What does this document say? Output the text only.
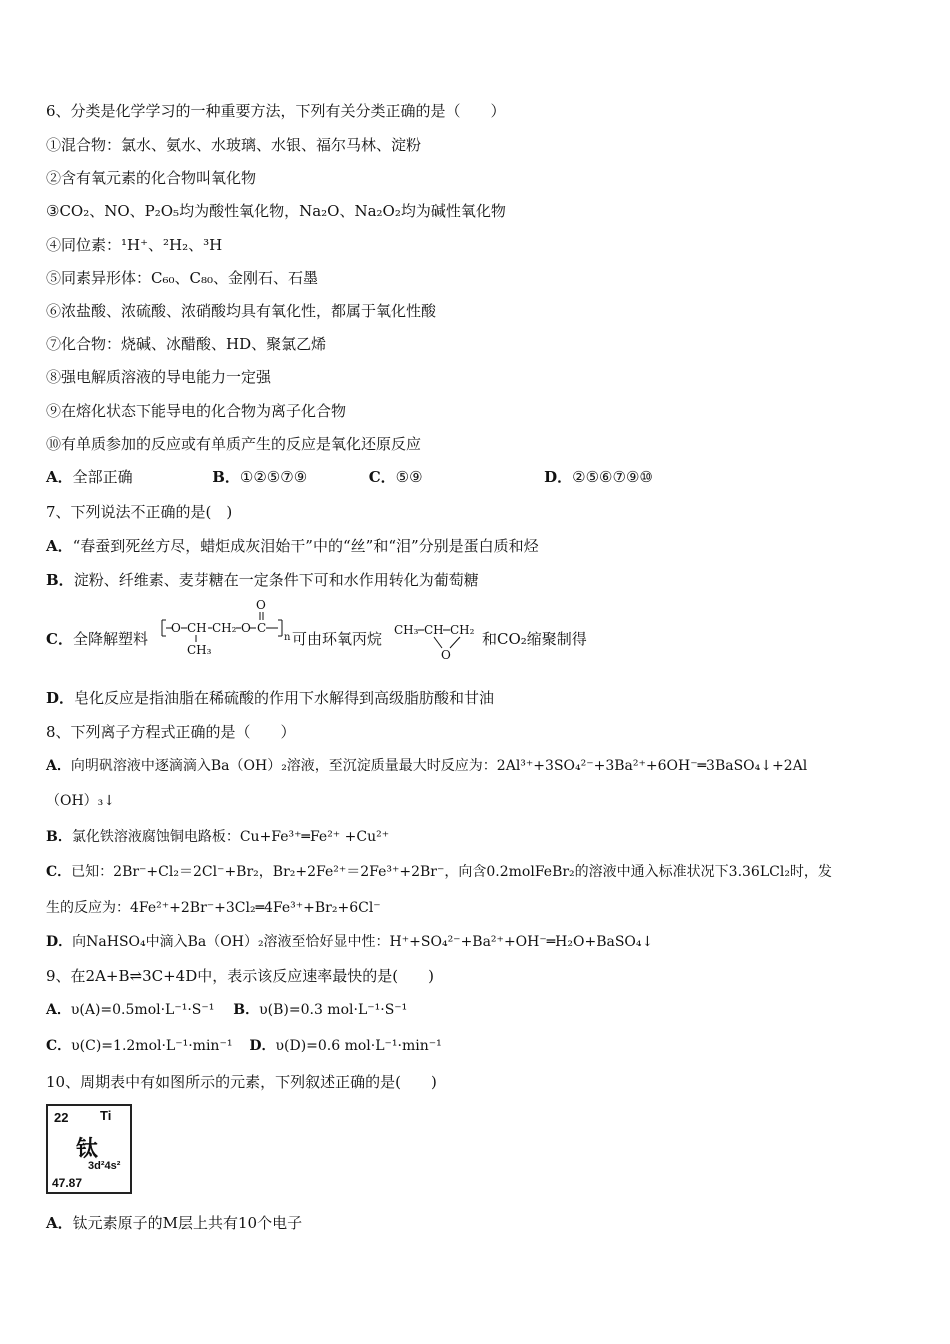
6、分类是化学学习的一种重要方法，下列有关分类正确的是（　　）
①混合物：氯水、氨水、水玻璃、水银、福尔马林、淀粉
②含有氧元素的化合物叫氧化物
③CO₂、NO、P₂O₅均为酸性氧化物，Na₂O、Na₂O₂均为碱性氧化物
④同位素：¹H⁺、²H₂、³H
⑤同素异形体：C₆₀、C₈₀、金刚石、石墨
⑥浓盐酸、浓硫酸、浓硝酸均具有氧化性，都属于氧化性酸
⑦化合物：烧碱、冰醋酸、HD、聚氯乙烯
⑧强电解质溶液的导电能力一定强
⑨在熔化状态下能导电的化合物为离子化合物
⑩有单质参加的反应或有单质产生的反应是氧化还原反应
A．全部正确	B．①②⑤⑦⑨	C．⑤⑨	D．②⑤⑥⑦⑨⑩
7、下列说法不正确的是(　)
A．“春蚕到死丝方尽，蜡炬成灰泪始干”中的“丝”和“泪”分别是蛋白质和烃
B．淀粉、纤维素、麦芽糖在一定条件下可和水作用转化为葡萄糖
C．全降解塑料
O CH
CH₃
CH₂ O C
O
n 可由环氧丙烷 CH₃ CH CH₂
O
和CO₂缩聚制得
D．皂化反应是指油脂在稀硫酸的作用下水解得到高级脂肪酸和甘油
8、下列离子方程式正确的是（　　）
A．向明矾溶液中逐滴滴入Ba（OH）₂溶液，至沉淀质量最大时反应为：2Al³⁺+3SO₄²⁻+3Ba²⁺+6OH⁻═3BaSO₄↓+2Al
（OH）₃↓
B．氯化铁溶液腐蚀铜电路板：Cu+Fe³⁺═Fe²⁺ +Cu²⁺
C．已知：2Br⁻+Cl₂＝2Cl⁻+Br₂，Br₂+2Fe²⁺＝2Fe³⁺+2Br⁻，向含0.2molFeBr₂的溶液中通入标准状况下3.36LCl₂时，发
生的反应为：4Fe²⁺+2Br⁻+3Cl₂═4Fe³⁺+Br₂+6Cl⁻
D．向NaHSO₄中滴入Ba（OH）₂溶液至恰好显中性：H⁺+SO₄²⁻+Ba²⁺+OH⁻═H₂O+BaSO₄↓
9、在2A+B⇌3C+4D中，表示该反应速率最快的是(　　)
A．υ(A)=0.5mol·L⁻¹·S⁻¹ B．υ(B)=0.3 mol·L⁻¹·S⁻¹
C．υ(C)=1.2mol·L⁻¹·min⁻¹ D．υ(D)=0.6 mol·L⁻¹·min⁻¹
10、周期表中有如图所示的元素，下列叙述正确的是(　　)
22 Ti
钛
3d²4s²
47.87
A．钛元素原子的M层上共有10个电子
